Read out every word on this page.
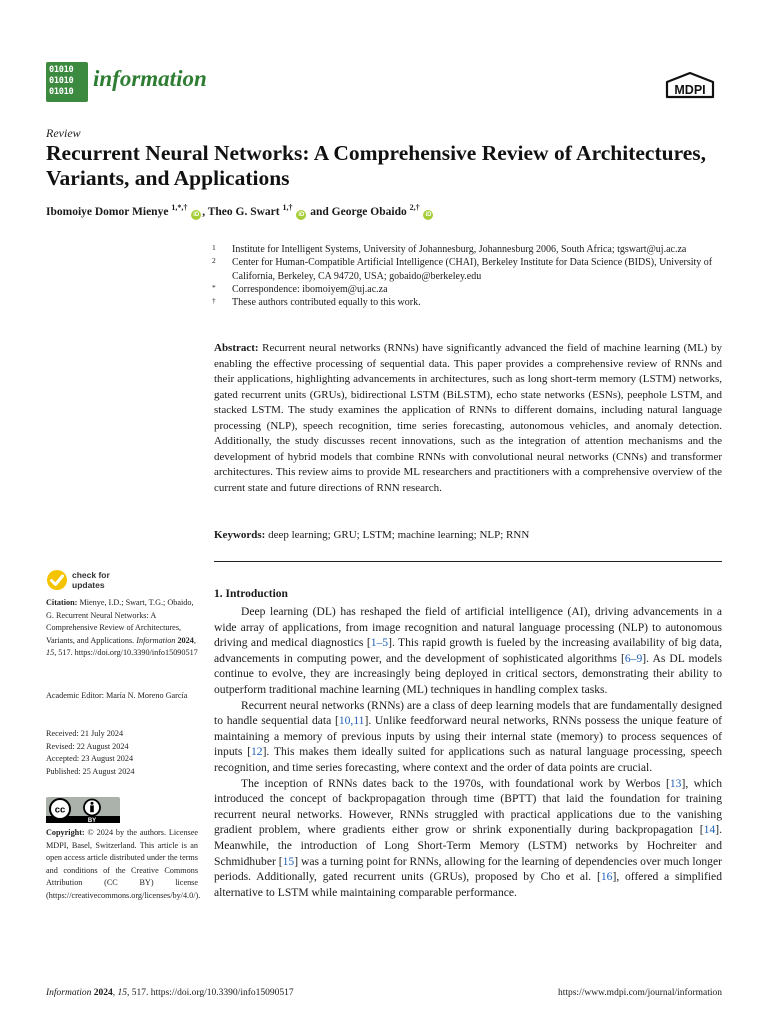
01010
01010
01010
information	MDPI
Review
Recurrent Neural Networks: A Comprehensive Review of Architectures, Variants, and Applications
Ibomoiye Domor Mienye $^{1,*,\dagger}$ iD , Theo G. Swart $^{1,\dagger}$ iD and George Obaido $^{2,\dagger}$ iD
1	Institute for Intelligent Systems, University of Johannesburg, Johannesburg 2006, South Africa; tgswart@uj.ac.za
2	Center for Human-Compatible Artificial Intelligence (CHAI), Berkeley Institute for Data Science (BIDS), University of California, Berkeley, CA 94720, USA; gobaido@berkeley.edu
*	Correspondence: ibomoiyem@uj.ac.za
†	These authors contributed equally to this work.
Abstract: Recurrent neural networks (RNNs) have significantly advanced the field of machine learning (ML) by enabling the effective processing of sequential data. This paper provides a comprehensive review of RNNs and their applications, highlighting advancements in architectures, such as long short-term memory (LSTM) networks, gated recurrent units (GRUs), bidirectional LSTM (BiLSTM), echo state networks (ESNs), peephole LSTM, and stacked LSTM. The study examines the application of RNNs to different domains, including natural language processing (NLP), speech recognition, time series forecasting, autonomous vehicles, and anomaly detection. Additionally, the study discusses recent innovations, such as the integration of attention mechanisms and the development of hybrid models that combine RNNs with convolutional neural networks (CNNs) and transformer architectures. This review aims to provide ML researchers and practitioners with a comprehensive overview of the current state and future directions of RNN research.
Keywords: deep learning; GRU; LSTM; machine learning; NLP; RNN
check for
updates

Citation: Mienye, I.D.; Swart, T.G.; Obaido, G. Recurrent Neural Networks: A Comprehensive Review of Architectures, Variants, and Applications. Information 2024, 15, 517. https://doi.org/10.3390/info15090517

Academic Editor: María N. Moreno García

Received: 21 July 2024

Revised: 22 August 2024

Accepted: 23 August 2024

Published: 25 August 2024

cc
BY

Copyright: © 2024 by the authors. Licensee MDPI, Basel, Switzerland. This article is an open access article distributed under the terms and conditions of the Creative Commons Attribution (CC BY) license (https://creativecommons.org/licenses/by/4.0/).

1. Introduction

Deep learning (DL) has reshaped the field of artificial intelligence (AI), driving advancements in a wide array of applications, from image recognition and natural language processing (NLP) to autonomous driving and medical diagnostics [1–5]. This rapid growth is fueled by the increasing availability of big data, advancements in computing power, and the development of sophisticated algorithms [6–9]. As DL models continue to evolve, they are increasingly being deployed in critical sectors, demonstrating their ability to outperform traditional machine learning (ML) techniques in handling complex tasks.

Recurrent neural networks (RNNs) are a class of deep learning models that are fundamentally designed to handle sequential data [10,11]. Unlike feedforward neural networks, RNNs possess the unique feature of maintaining a memory of previous inputs by using their internal state (memory) to process sequences of inputs [12]. This makes them ideally suited for applications such as natural language processing, speech recognition, and time series forecasting, where context and the order of data points are crucial.

The inception of RNNs dates back to the 1970s, with foundational work by Werbos [13], which introduced the concept of backpropagation through time (BPTT) that laid the foundation for training recurrent neural networks. However, RNNs struggled with practical applications due to the vanishing gradient problem, where gradients either grow or shrink exponentially during backpropagation [14]. Meanwhile, the introduction of Long Short-Term Memory (LSTM) networks by Hochreiter and Schmidhuber [15] was a turning point for RNNs, allowing for the learning of dependencies over much longer periods. Additionally, gated recurrent units (GRUs), proposed by Cho et al. [16], offered a simplified alternative to LSTM while maintaining comparable performance.

Information 2024, 15, 517. https://doi.org/10.3390/info15090517	https://www.mdpi.com/journal/information
